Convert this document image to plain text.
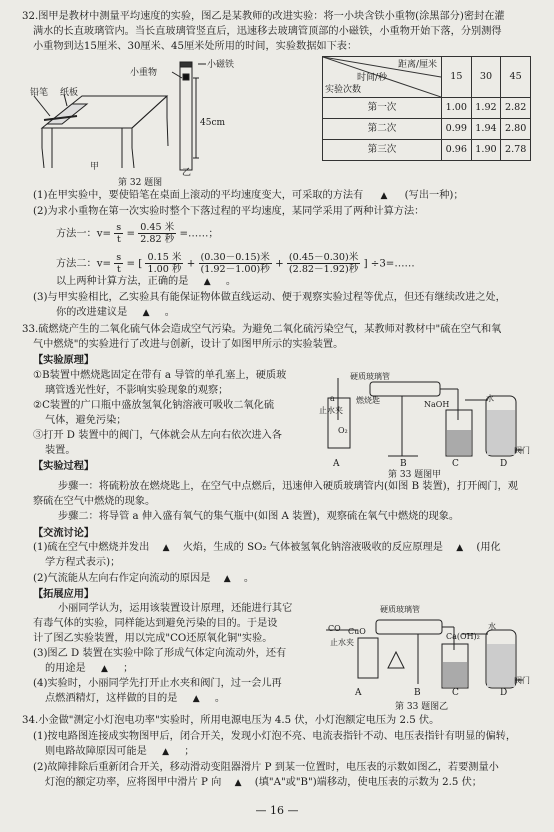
32.图甲是教材中测量平均速度的实验，图乙是某教师的改进实验：将一小块含铁小重物(涂黑部分)密封在灌
满水的长直玻璃管内。当长直玻璃管竖直后，迅速移去玻璃管顶部的小磁铁，小重物开始下落，分别测得
小重物到达15厘米、30厘米、45厘米处所用的时间，实验数据如下表：
小重物
小磁铁
铅笔 纸板
45cm
甲
乙
第 32 题图
距离/厘米
时间/秒
实验次数	15	30	45
第一次	1.00	1.92	2.82
第二次	0.99	1.94	2.80
第三次	0.96	1.90	2.78
(1)在甲实验中，要使铅笔在桌面上滚动的平均速度变大，可采取的方法有 ▲ (写出一种)；
(2)为求小重物在第一次实验时整个下落过程的平均速度，某同学采用了两种计算方法：
方法一：$v= \frac{s}{t} = \frac{\text{0.45 米}}{\text{2.82 秒}}$ =……；
方法二：$v= \frac{s}{t}$ = [ $\frac{\text{0.15 米}}{\text{1.00 秒}} + \frac{\text{(0.30－0.15)米}}{\text{(1.92－1.00)秒}} + \frac{\text{(0.45－0.30)米}}{\text{(2.82－1.92)秒}}$ ] ÷3=……
以上两种计算方法，正确的是 ▲ 。
(3)与甲实验相比，乙实验具有能保证物体做直线运动、便于观察实验过程等优点，但还有继续改进之处，
你的改进建议是 ▲ 。
33.硫燃烧产生的二氧化硫气体会造成空气污染。为避免二氧化硫污染空气，某教师对教材中"硫在空气和氧
气中燃烧"的实验进行了改进与创新，设计了如图甲所示的实验装置。
【实验原理】
①B装置中燃烧匙固定在带有 a 导管的单孔塞上，硬质玻
璃管透光性好，不影响实验现象的观察；
②C装置的广口瓶中盛放氢氧化钠溶液可吸收二氧化硫
气体，避免污染；
③打开 D 装置中的阀门，气体就会从左向右依次进入各
装置。
硬质玻璃管
燃烧匙
止水夹
a
O₂
NaOH
水
阀门
A	B	C	D
第 33 题图甲
【实验过程】
步骤一：将硫粉放在燃烧匙上，在空气中点燃后，迅速伸入硬质玻璃管内(如图 B 装置)，打开阀门，观
察硫在空气中燃烧的现象。
步骤二：将导管 a 伸入盛有氧气的集气瓶中(如图 A 装置)，观察硫在氧气中燃烧的现象。
【交流讨论】
(1)硫在空气中燃烧并发出 ▲ 火焰，生成的 SO₂ 气体被氢氧化钠溶液吸收的反应原理是 ▲ (用化
学方程式表示)；
(2)气流能从左向右作定向流动的原因是 ▲ 。
【拓展应用】
小丽同学认为，运用该装置设计原理，还能进行其它
有毒气体的实验，同样能达到避免污染的目的。于是设
计了图乙实验装置，用以完成"CO还原氧化铜"实验。
(3)图乙 D 装置在实验中除了形成气体定向流动外，还有
的用途是 ▲ ；
(4)实验时，小丽同学先打开止水夹和阀门，过一会儿再
点燃酒精灯，这样做的目的是 ▲ 。
硬质玻璃管
CO CuO
止水夹
Ca(OH)₂
水
阀门
A	B	C	D
第 33 题图乙
34.小金做"测定小灯泡电功率"实验时，所用电源电压为 4.5 伏，小灯泡额定电压为 2.5 伏。
(1)按电路图连接成实物图甲后，闭合开关，发现小灯泡不亮、电流表指针不动、电压表指针有明显的偏转，
则电路故障原因可能是 ▲ ；
(2)故障排除后重新闭合开关，移动滑动变阻器滑片 P 到某一位置时，电压表的示数如图乙，若要测量小
灯泡的额定功率，应将图甲中滑片 P 向 ▲ (填"A"或"B")端移动，使电压表的示数为 2.5 伏；
— 16 —
